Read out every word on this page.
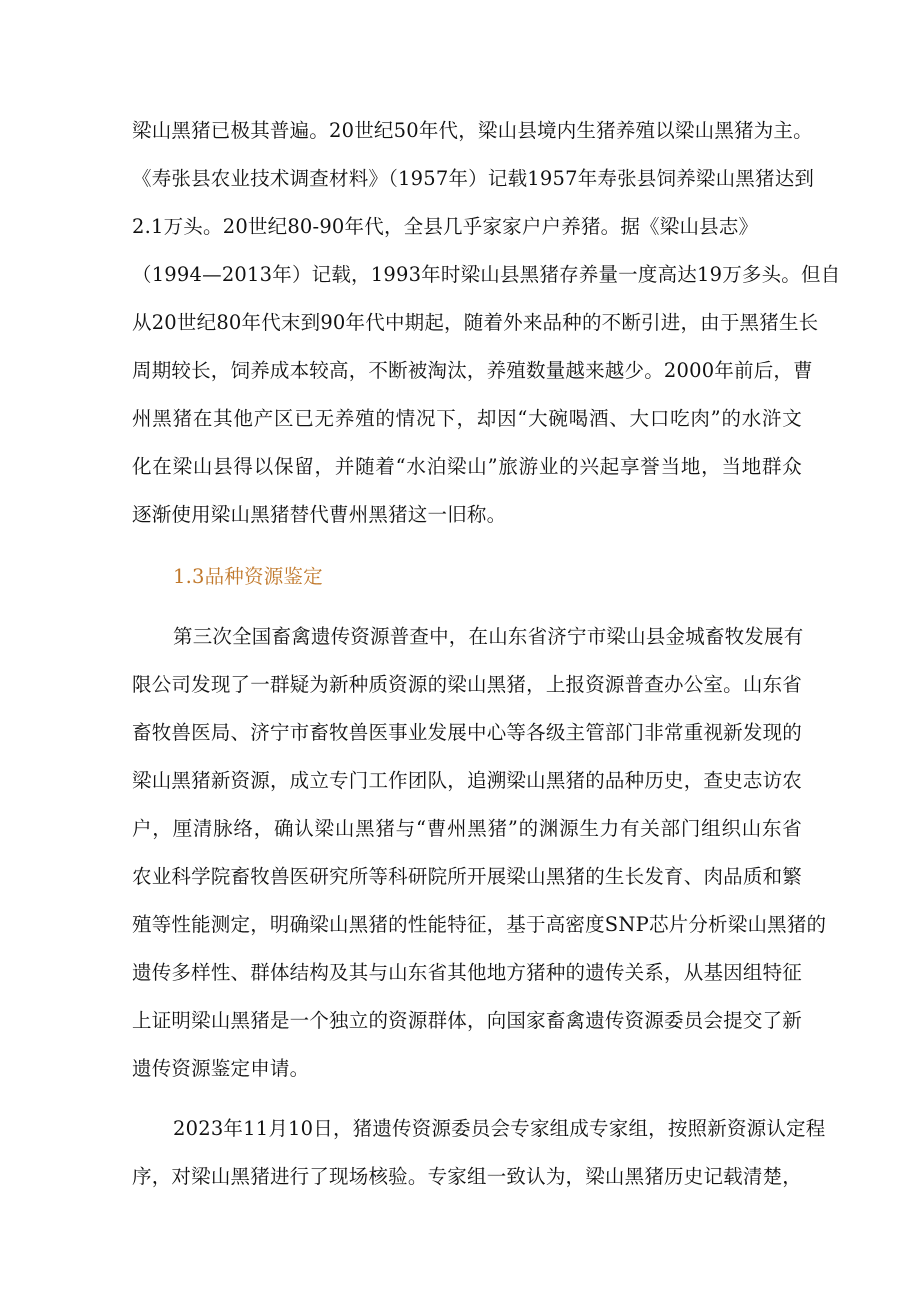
梁山黑猪已极其普遍。20世纪50年代，梁山县境内生猪养殖以梁山黑猪为主。
《寿张县农业技术调查材料》（1957年）记载1957年寿张县饲养梁山黑猪达到
2.1万头。20世纪80-90年代，全县几乎家家户户养猪。据《梁山县志》
（1994—2013年）记载，1993年时梁山县黑猪存养量一度高达19万多头。但自
从20世纪80年代末到90年代中期起，随着外来品种的不断引进，由于黑猪生长
周期较长，饲养成本较高，不断被淘汰，养殖数量越来越少。2000年前后，曹
州黑猪在其他产区已无养殖的情况下，却因“大碗喝酒、大口吃肉”的水浒文
化在梁山县得以保留，并随着“水泊梁山”旅游业的兴起享誉当地，当地群众
逐渐使用梁山黑猪替代曹州黑猪这一旧称。
1.3品种资源鉴定
第三次全国畜禽遗传资源普查中，在山东省济宁市梁山县金城畜牧发展有
限公司发现了一群疑为新种质资源的梁山黑猪，上报资源普查办公室。山东省
畜牧兽医局、济宁市畜牧兽医事业发展中心等各级主管部门非常重视新发现的
梁山黑猪新资源，成立专门工作团队，追溯梁山黑猪的品种历史，查史志访农
户，厘清脉络，确认梁山黑猪与“曹州黑猪”的渊源生力有关部门组织山东省
农业科学院畜牧兽医研究所等科研院所开展梁山黑猪的生长发育、肉品质和繁
殖等性能测定，明确梁山黑猪的性能特征，基于高密度SNP芯片分析梁山黑猪的
遗传多样性、群体结构及其与山东省其他地方猪种的遗传关系，从基因组特征
上证明梁山黑猪是一个独立的资源群体，向国家畜禽遗传资源委员会提交了新
遗传资源鉴定申请。
2023年11月10日，猪遗传资源委员会专家组成专家组，按照新资源认定程
序，对梁山黑猪进行了现场核验。专家组一致认为，梁山黑猪历史记载清楚，
